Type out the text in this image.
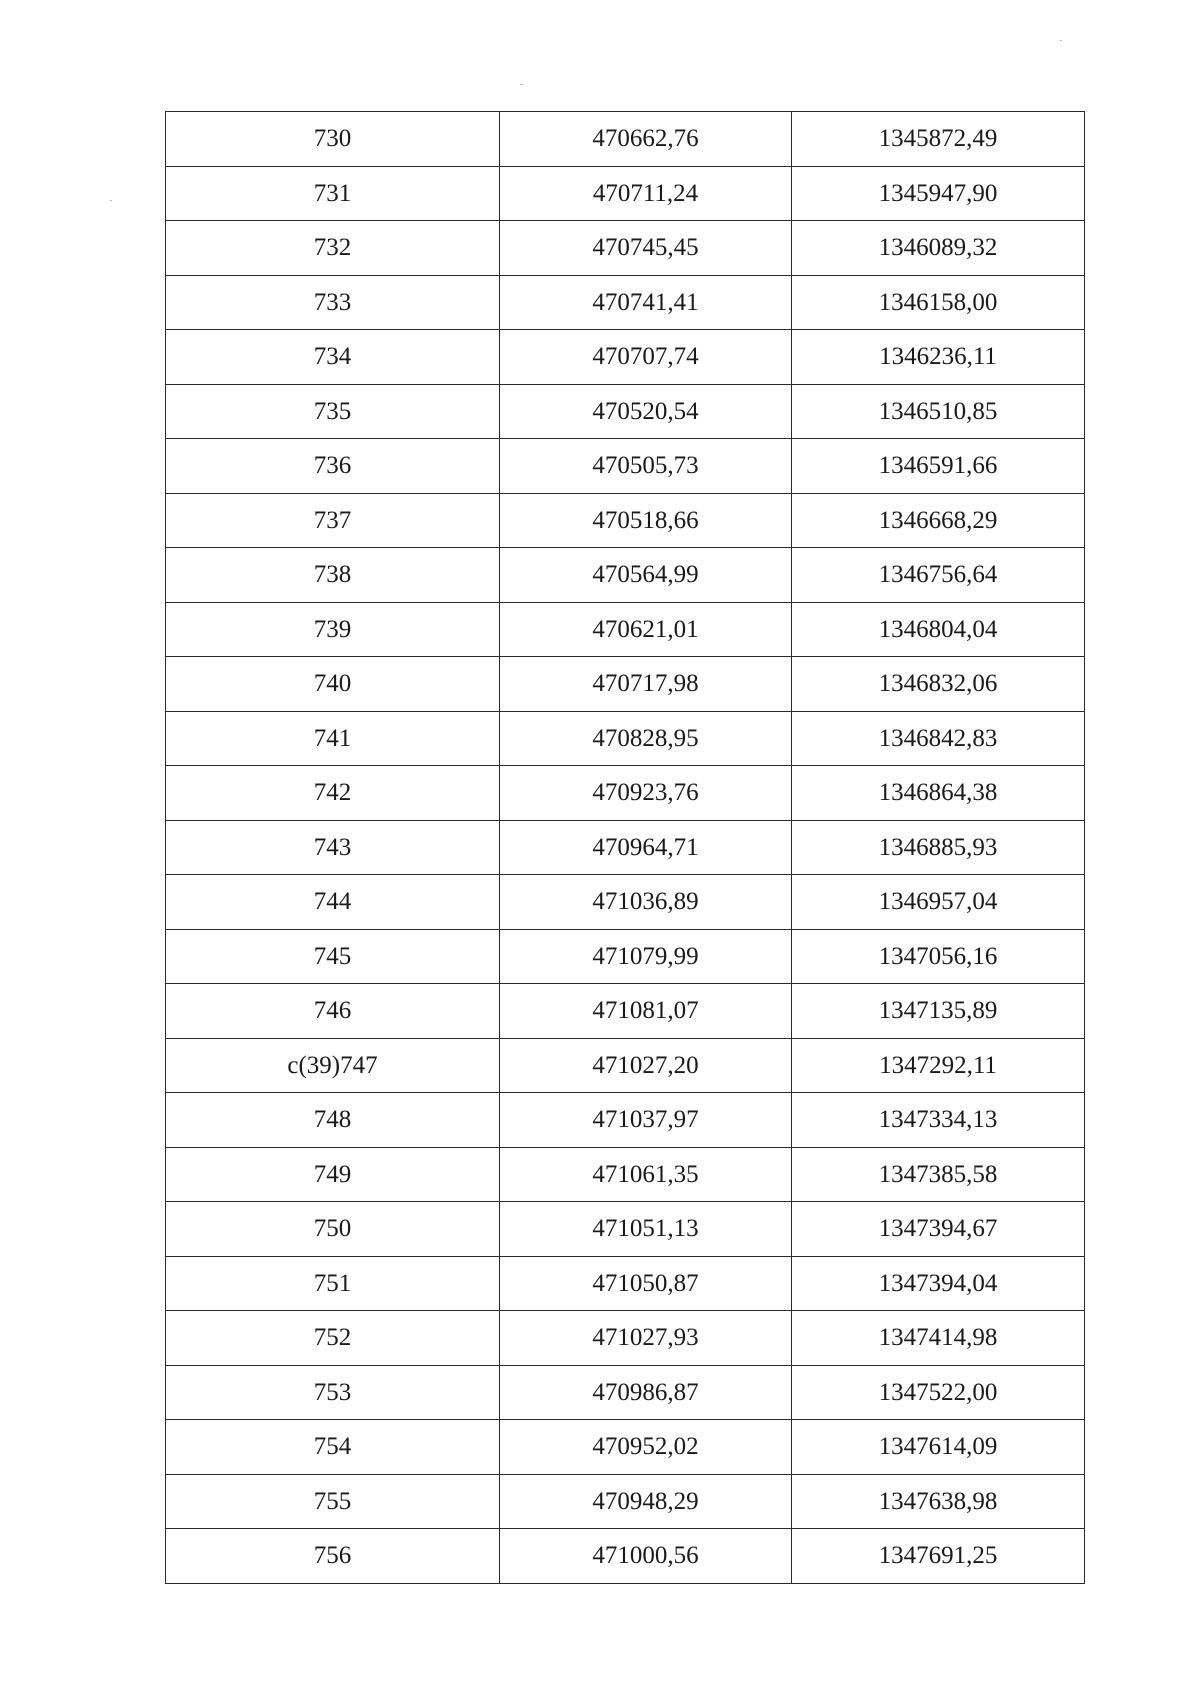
730	470662,76	1345872,49
731	470711,24	1345947,90
732	470745,45	1346089,32
733	470741,41	1346158,00
734	470707,74	1346236,11
735	470520,54	1346510,85
736	470505,73	1346591,66
737	470518,66	1346668,29
738	470564,99	1346756,64
739	470621,01	1346804,04
740	470717,98	1346832,06
741	470828,95	1346842,83
742	470923,76	1346864,38
743	470964,71	1346885,93
744	471036,89	1346957,04
745	471079,99	1347056,16
746	471081,07	1347135,89
c(39)747	471027,20	1347292,11
748	471037,97	1347334,13
749	471061,35	1347385,58
750	471051,13	1347394,67
751	471050,87	1347394,04
752	471027,93	1347414,98
753	470986,87	1347522,00
754	470952,02	1347614,09
755	470948,29	1347638,98
756	471000,56	1347691,25
